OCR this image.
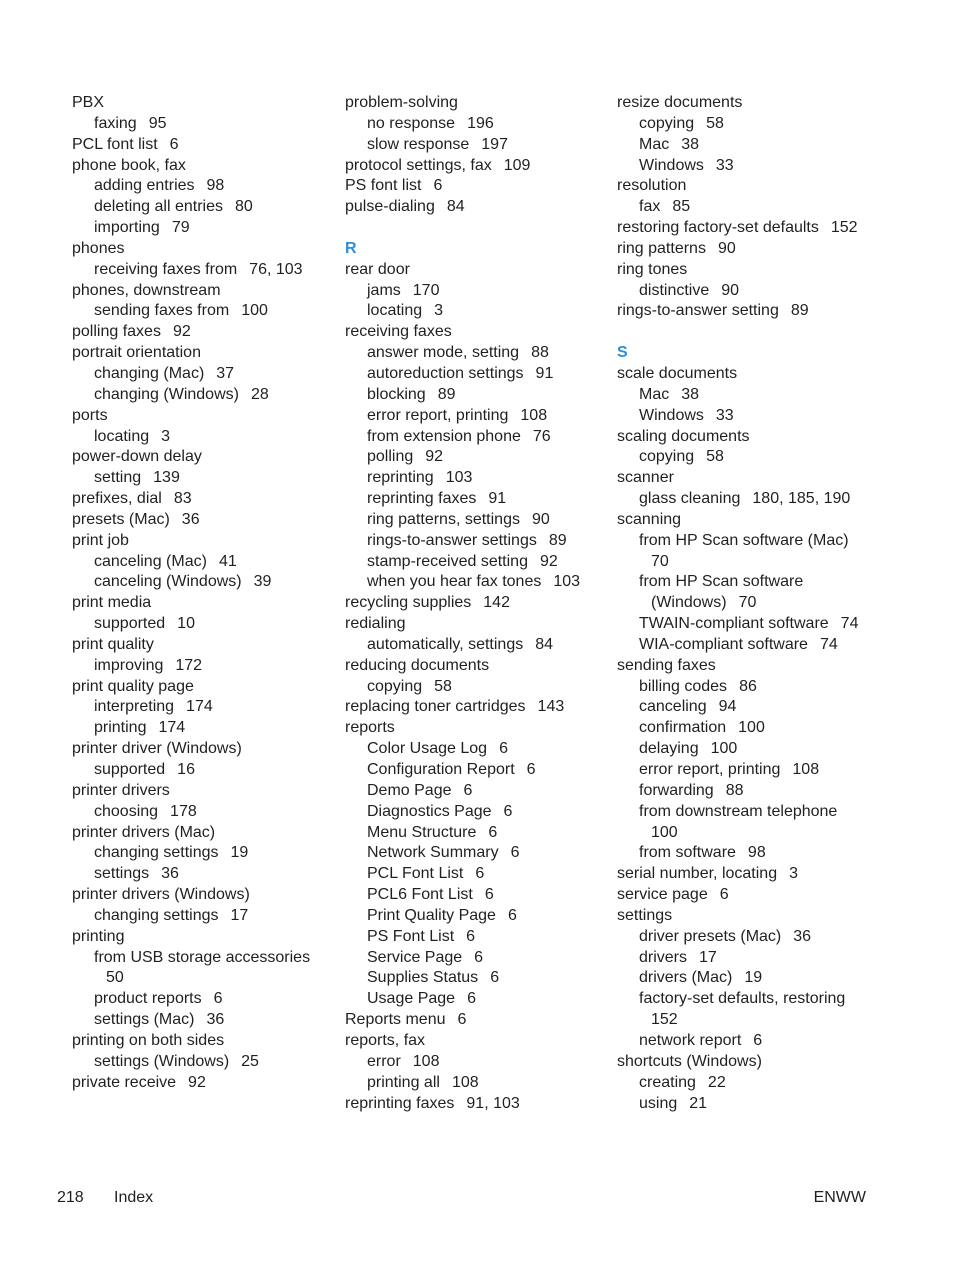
PBX
faxing 95
PCL font list 6
phone book, fax
adding entries 98
deleting all entries 80
importing 79
phones
receiving faxes from 76, 103
phones, downstream
sending faxes from 100
polling faxes 92
portrait orientation
changing (Mac) 37
changing (Windows) 28
ports
locating 3
power-down delay
setting 139
prefixes, dial 83
presets (Mac) 36
print job
canceling (Mac) 41
canceling (Windows) 39
print media
supported 10
print quality
improving 172
print quality page
interpreting 174
printing 174
printer driver (Windows)
supported 16
printer drivers
choosing 178
printer drivers (Mac)
changing settings 19
settings 36
printer drivers (Windows)
changing settings 17
printing
from USB storage accessories
50
product reports 6
settings (Mac) 36
printing on both sides
settings (Windows) 25
private receive 92
problem-solving
no response 196
slow response 197
protocol settings, fax 109
PS font list 6
pulse-dialing 84
R
rear door
jams 170
locating 3
receiving faxes
answer mode, setting 88
autoreduction settings 91
blocking 89
error report, printing 108
from extension phone 76
polling 92
reprinting 103
reprinting faxes 91
ring patterns, settings 90
rings-to-answer settings 89
stamp-received setting 92
when you hear fax tones 103
recycling supplies 142
redialing
automatically, settings 84
reducing documents
copying 58
replacing toner cartridges 143
reports
Color Usage Log 6
Configuration Report 6
Demo Page 6
Diagnostics Page 6
Menu Structure 6
Network Summary 6
PCL Font List 6
PCL6 Font List 6
Print Quality Page 6
PS Font List 6
Service Page 6
Supplies Status 6
Usage Page 6
Reports menu 6
reports, fax
error 108
printing all 108
reprinting faxes 91, 103
resize documents
copying 58
Mac 38
Windows 33
resolution
fax 85
restoring factory-set defaults 152
ring patterns 90
ring tones
distinctive 90
rings-to-answer setting 89
S
scale documents
Mac 38
Windows 33
scaling documents
copying 58
scanner
glass cleaning 180, 185, 190
scanning
from HP Scan software (Mac)
70
from HP Scan software
(Windows) 70
TWAIN-compliant software 74
WIA-compliant software 74
sending faxes
billing codes 86
canceling 94
confirmation 100
delaying 100
error report, printing 108
forwarding 88
from downstream telephone
100
from software 98
serial number, locating 3
service page 6
settings
driver presets (Mac) 36
drivers 17
drivers (Mac) 19
factory-set defaults, restoring
152
network report 6
shortcuts (Windows)
creating 22
using 21
218 Index	ENWW
